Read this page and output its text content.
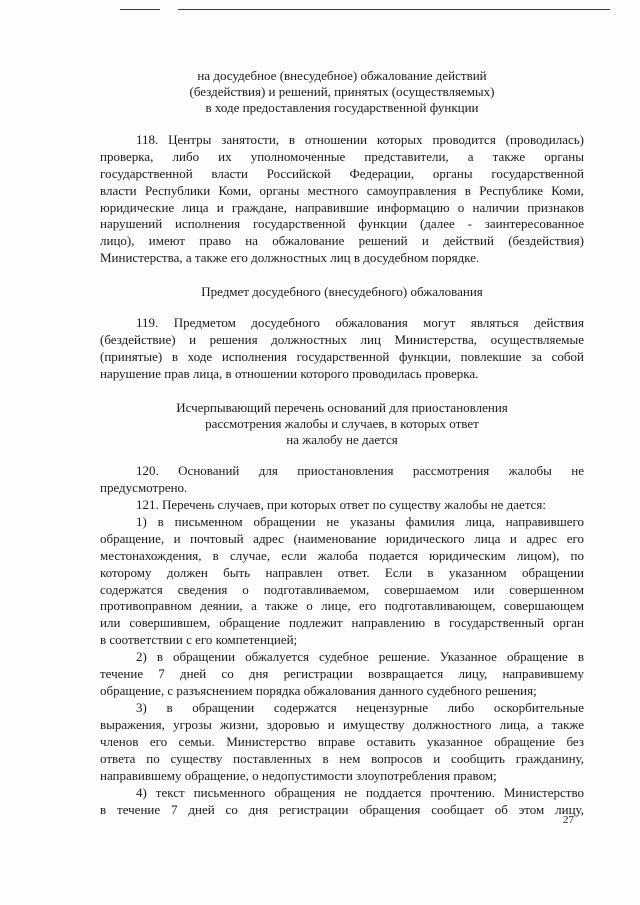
на досудебное (внесудебное) обжалование действий
(бездействия) и решений, принятых (осуществляемых)
в ходе предоставления государственной функции
118. Центры занятости, в отношении которых проводится (проводилась)
проверка, либо их уполномоченные представители, а также органы
государственной власти Российской Федерации, органы государственной
власти Республики Коми, органы местного самоуправления в Республике Коми,
юридические лица и граждане, направившие информацию о наличии признаков
нарушений исполнения государственной функции (далее - заинтересованное
лицо), имеют право на обжалование решений и действий (бездействия)
Министерства, а также его должностных лиц в досудебном порядке.
Предмет досудебного (внесудебного) обжалования
119. Предметом досудебного обжалования могут являться действия
(бездействие) и решения должностных лиц Министерства, осуществляемые
(принятые) в ходе исполнения государственной функции, повлекшие за собой
нарушение прав лица, в отношении которого проводилась проверка.
Исчерпывающий перечень оснований для приостановления
рассмотрения жалобы и случаев, в которых ответ
на жалобу не дается
120. Оснований для приостановления рассмотрения жалобы не
предусмотрено.
121. Перечень случаев, при которых ответ по существу жалобы не дается:
1) в письменном обращении не указаны фамилия лица, направившего
обращение, и почтовый адрес (наименование юридического лица и адрес его
местонахождения, в случае, если жалоба подается юридическим лицом), по
которому должен быть направлен ответ. Если в указанном обращении
содержатся сведения о подготавливаемом, совершаемом или совершенном
противоправном деянии, а также о лице, его подготавливающем, совершающем
или совершившем, обращение подлежит направлению в государственный орган
в соответствии с его компетенцией;
2) в обращении обжалуется судебное решение. Указанное обращение в
течение 7 дней со дня регистрации возвращается лицу, направившему
обращение, с разъяснением порядка обжалования данного судебного решения;
3) в обращении содержатся нецензурные либо оскорбительные
выражения, угрозы жизни, здоровью и имуществу должностного лица, а также
членов его семьи. Министерство вправе оставить указанное обращение без
ответа по существу поставленных в нем вопросов и сообщить гражданину,
направившему обращение, о недопустимости злоупотребления правом;
4) текст письменного обращения не поддается прочтению. Министерство
в течение 7 дней со дня регистрации обращения сообщает об этом лицу,
27
